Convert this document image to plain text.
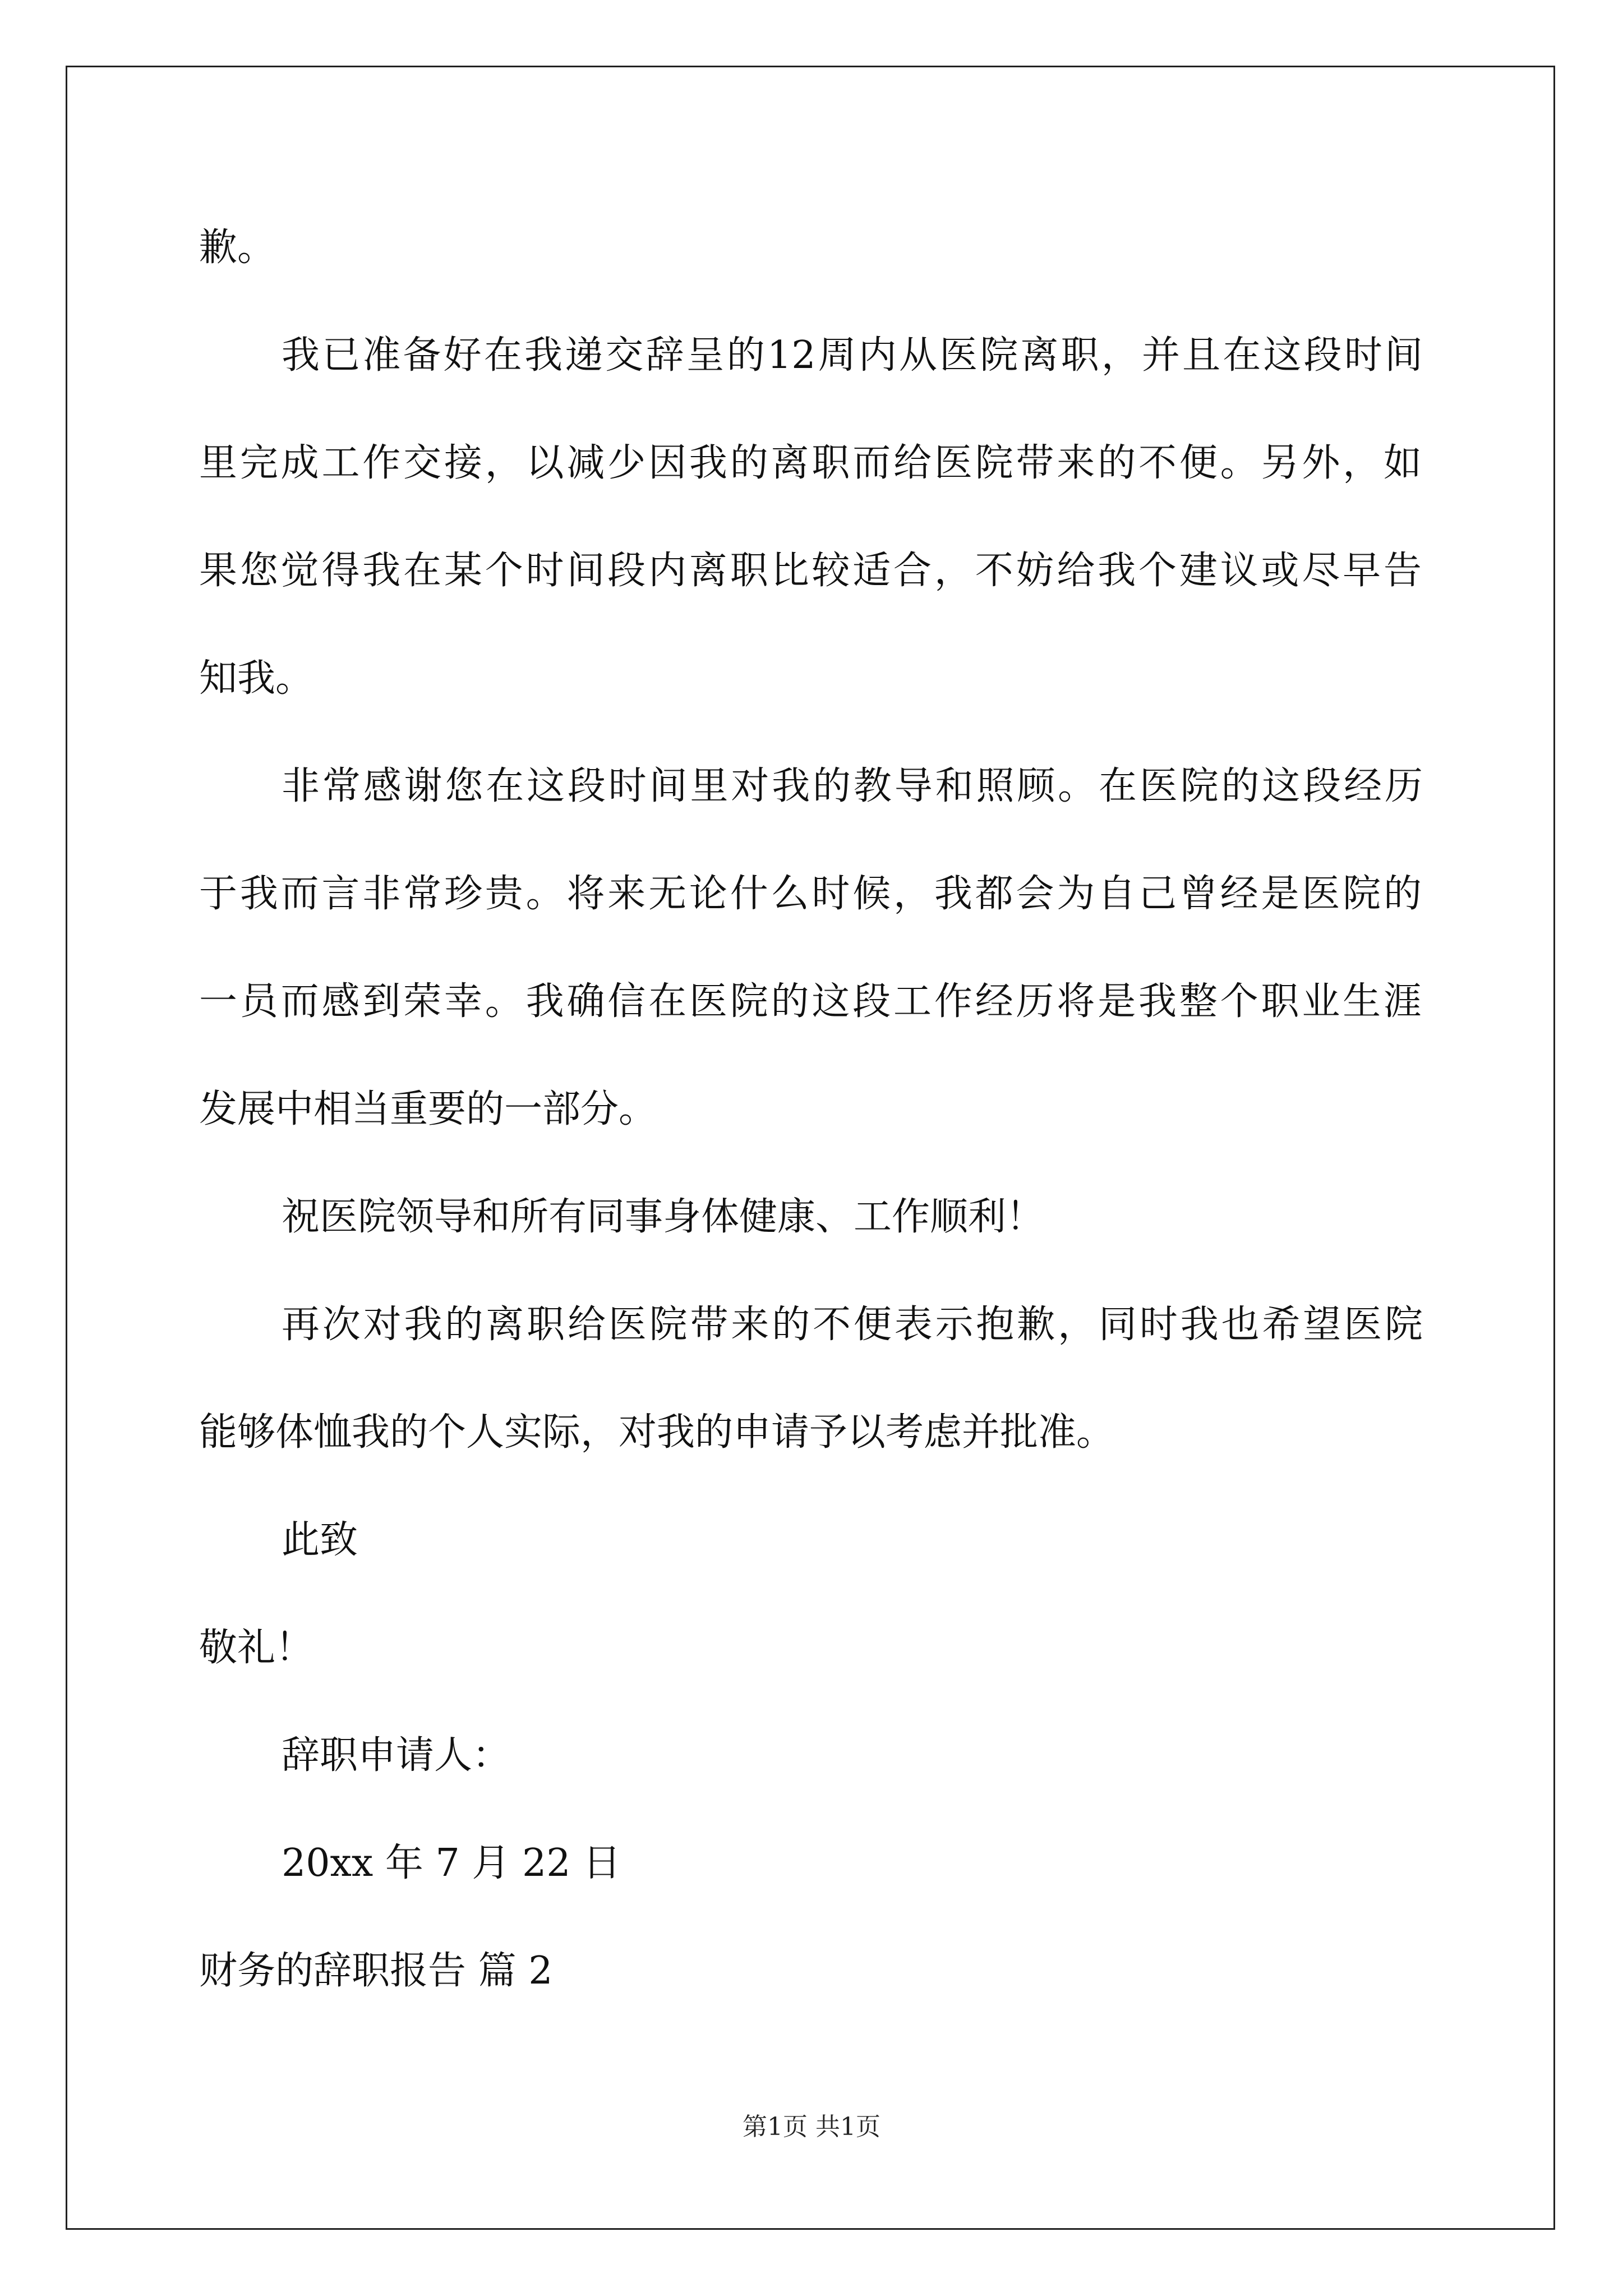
歉。

我已准备好在我递交辞呈的12周内从医院离职，并且在这段时间

里完成工作交接，以减少因我的离职而给医院带来的不便。另外，如

果您觉得我在某个时间段内离职比较适合，不妨给我个建议或尽早告

知我。

非常感谢您在这段时间里对我的教导和照顾。在医院的这段经历

于我而言非常珍贵。将来无论什么时候，我都会为自己曾经是医院的

一员而感到荣幸。我确信在医院的这段工作经历将是我整个职业生涯

发展中相当重要的一部分。

祝医院领导和所有同事身体健康、工作顺利！

再次对我的离职给医院带来的不便表示抱歉，同时我也希望医院

能够体恤我的个人实际，对我的申请予以考虑并批准。

此致

敬礼！

辞职申请人：

20xx 年 7 月 22 日

财务的辞职报告 篇 2

第1页 共1页
